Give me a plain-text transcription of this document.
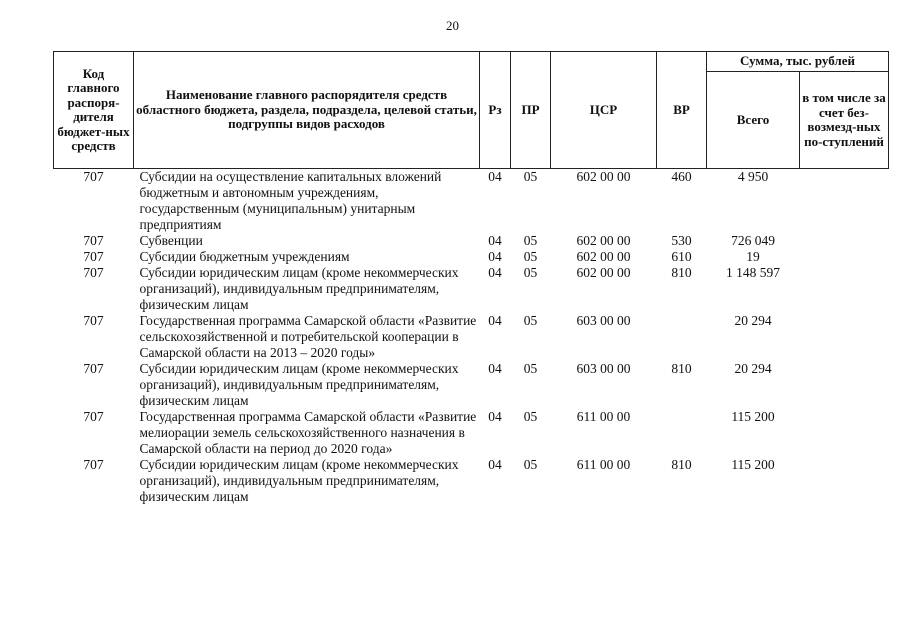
20
Код главного распоря-дителя бюджет-ных средств	Наименование главного распорядителя средств областного бюджета, раздела, подраздела, целевой статьи, подгруппы видов расходов	Рз	ПР	ЦСР	ВР	Сумма, тыс. рублей	
						Всего	в том числе за счет без-возмезд-ных по-ступлений
707	Субсидии на осуществление капитальных вложений бюджетным и автономным учреждениям, государственным (муниципальным) унитарным предприятиям	04	05	602 00 00	460	4 950	
707	Субвенции	04	05	602 00 00	530	726 049	
707	Субсидии бюджетным учреждениям	04	05	602 00 00	610	19	
707	Субсидии юридическим лицам (кроме некоммерческих организаций), индивидуальным предпринимателям, физическим лицам	04	05	602 00 00	810	1 148 597	
707	Государственная программа Самарской области «Развитие сельскохозяйственной и потребительской кооперации в Самарской области на 2013 – 2020 годы»	04	05	603 00 00		20 294	
707	Субсидии юридическим лицам (кроме некоммерческих организаций), индивидуальным предпринимателям, физическим лицам	04	05	603 00 00	810	20 294	
707	Государственная программа Самарской области «Развитие мелиорации земель сельскохозяйственного назначения в Самарской области на период до 2020 года»	04	05	611 00 00		115 200	
707	Субсидии юридическим лицам (кроме некоммерческих организаций), индивидуальным предпринимателям, физическим лицам	04	05	611 00 00	810	115 200	
